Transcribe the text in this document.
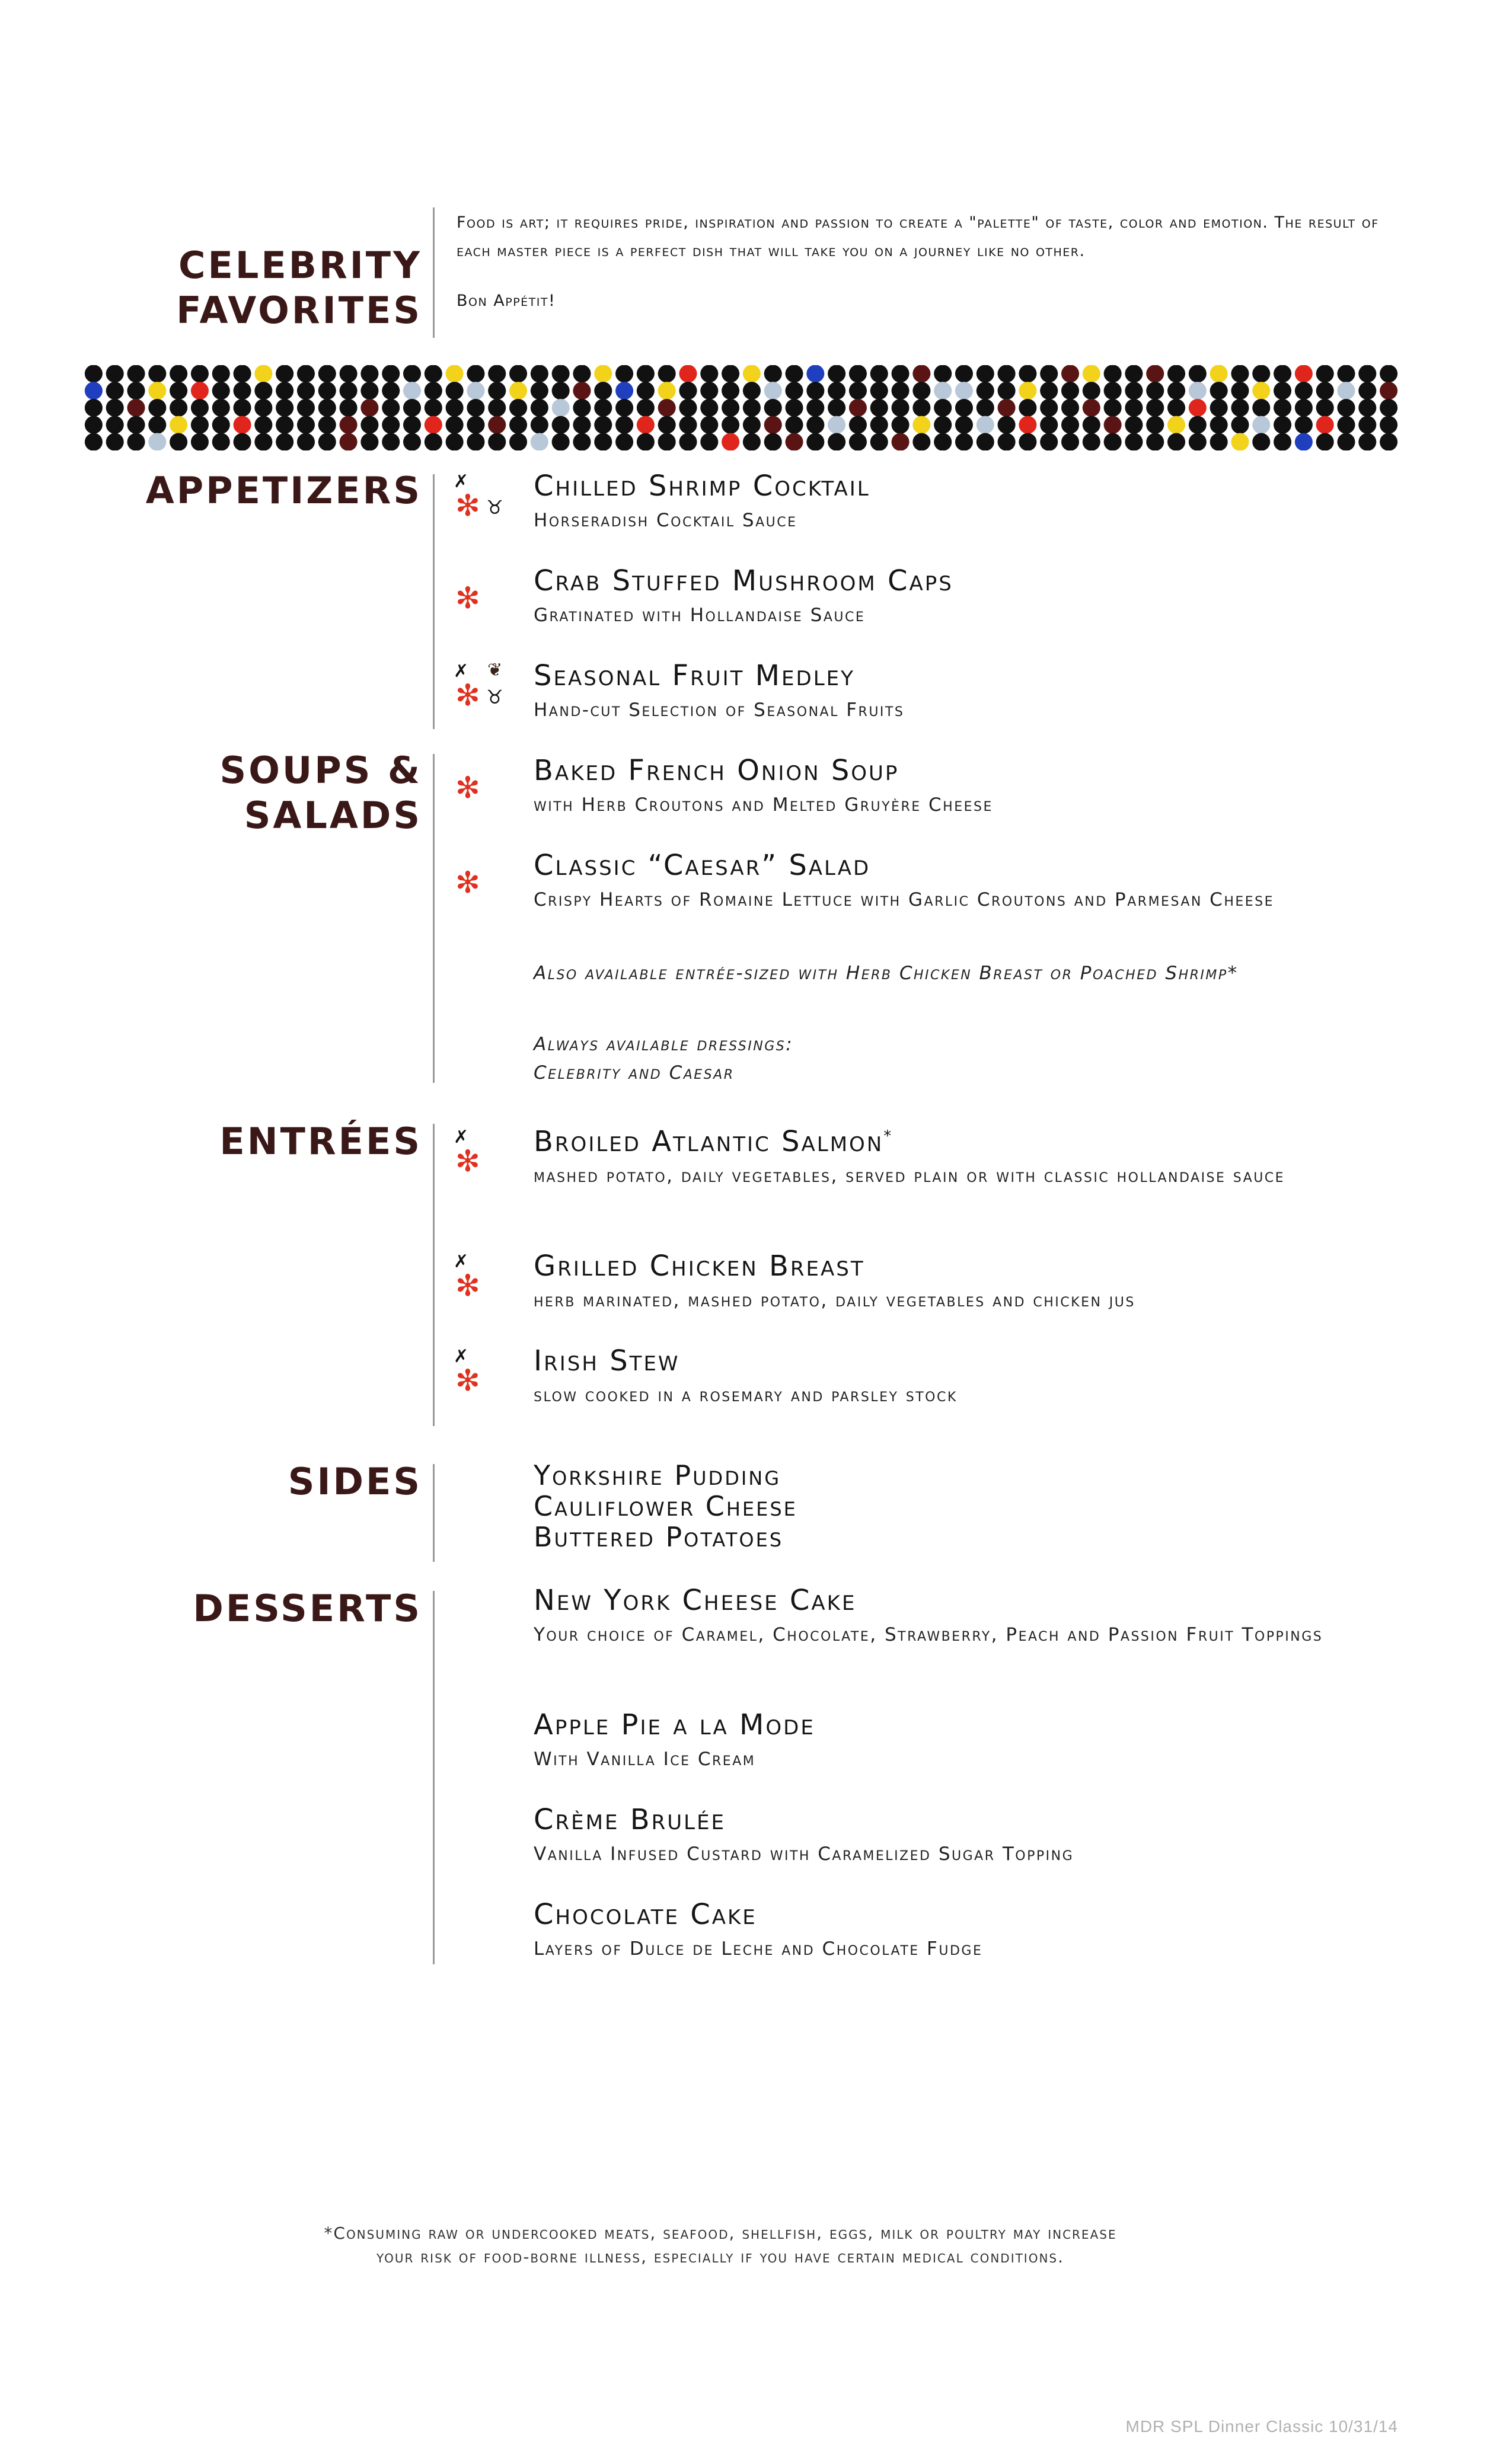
CELEBRITY
FAVORITES

Food is art; it requires pride, inspiration and passion to create a "palette" of taste, color and emotion. The result of each master piece is a perfect dish that will take you on a journey like no other.

Bon Appétit!

APPETIZERS ✗
✻ ♉
Chilled Shrimp Cocktail
Horseradish Cocktail Sauce
✻ Crab Stuffed Mushroom Caps
Gratinated with Hollandaise Sauce
✗ ❦
✻ ♉
Seasonal Fruit Medley
Hand-cut Selection of Seasonal Fruits
SOUPS &
SALADS
✻ Baked French Onion Soup
with Herb Croutons and Melted Gruyère Cheese
✻ Classic “Caesar” Salad
Crispy Hearts of Romaine Lettuce with Garlic Croutons and Parmesan Cheese
Also available entrée-sized with Herb Chicken Breast or Poached Shrimp*
Always available dressings:
Celebrity and Caesar
ENTRÉES ✗
✻
Broiled Atlantic Salmon*
mashed potato, daily vegetables, served plain or with classic hollandaise sauce
✗
✻
Grilled Chicken Breast
herb marinated, mashed potato, daily vegetables and chicken jus
✗
✻
Irish Stew
slow cooked in a rosemary and parsley stock
SIDES	Yorkshire Pudding
Cauliflower Cheese
Buttered Potatoes
DESSERTS	New York Cheese Cake
Your choice of Caramel, Chocolate, Strawberry, Peach and Passion Fruit Toppings
Apple Pie a la Mode
With Vanilla Ice Cream
Crème Brulée
Vanilla Infused Custard with Caramelized Sugar Topping
Chocolate Cake
Layers of Dulce de Leche and Chocolate Fudge
*Consuming raw or undercooked meats, seafood, shellfish, eggs, milk or poultry may increase
your risk of food-borne illness, especially if you have certain medical conditions.
MDR SPL Dinner Classic 10/31/14
